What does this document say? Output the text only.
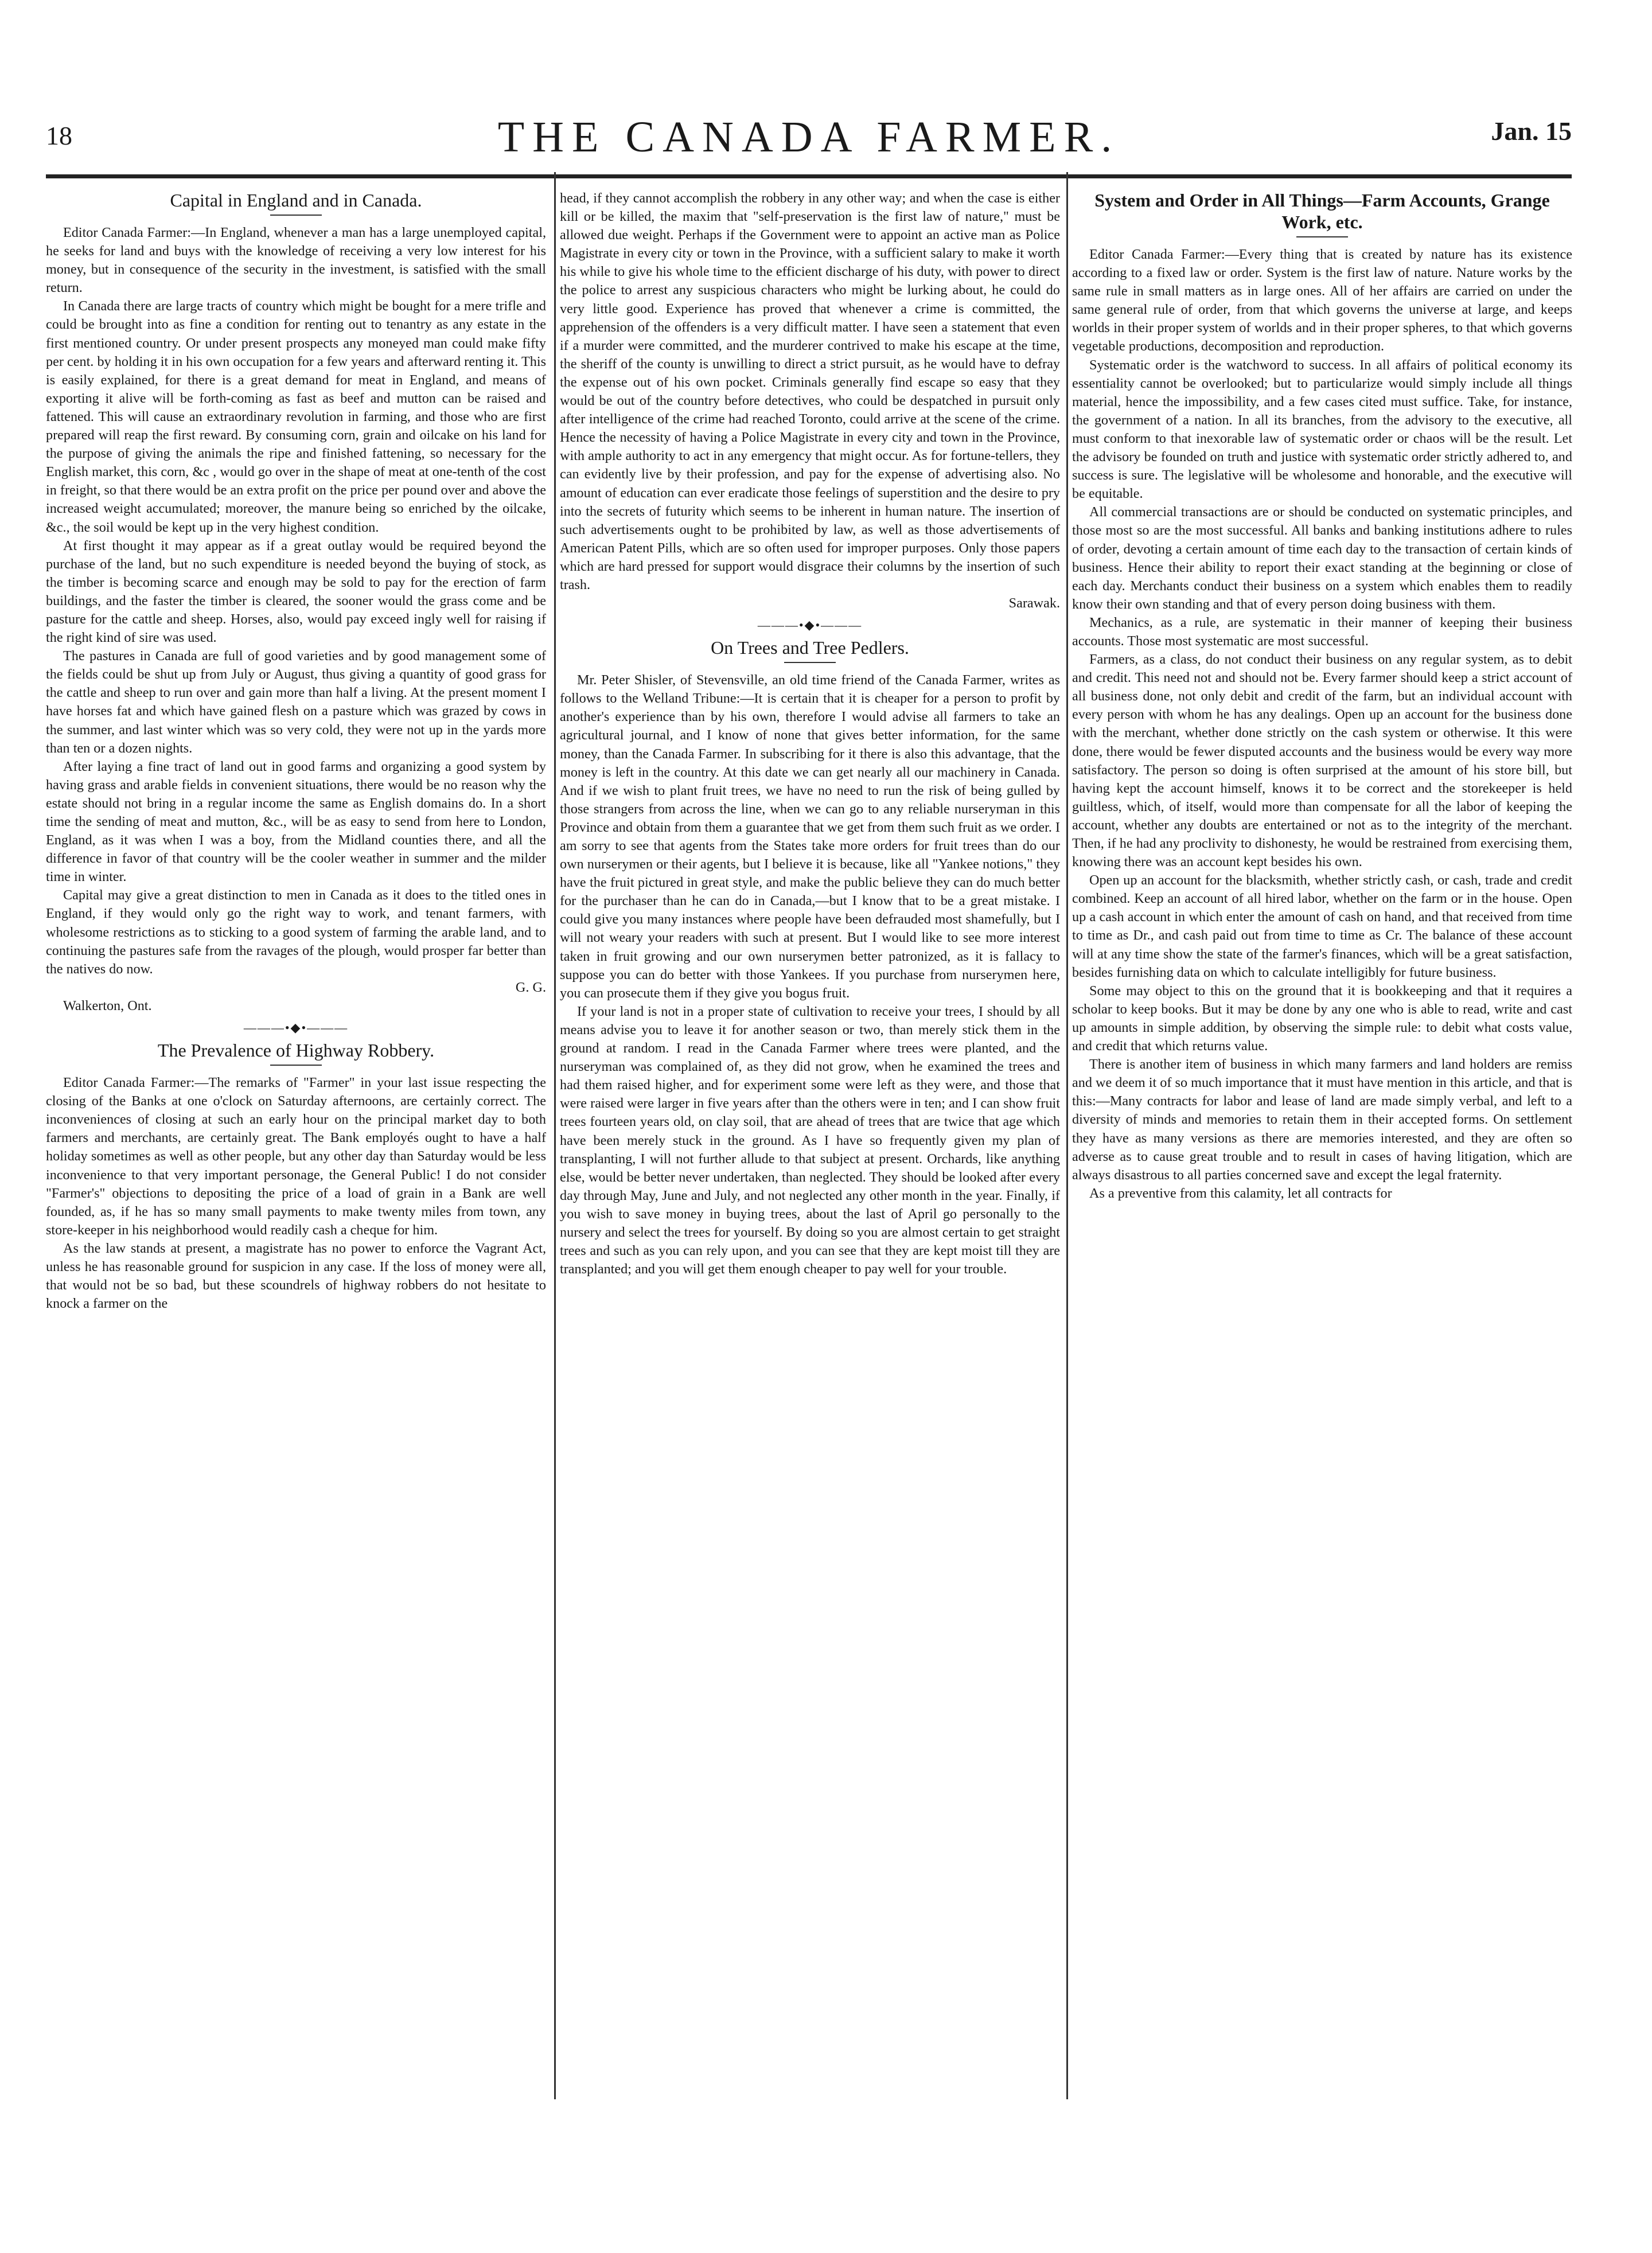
18	THE CANADA FARMER.	Jan. 15
Capital in England and in Canada.

Editor Canada Farmer:—In England, whenever a man has a large unemployed capital, he seeks for land and buys with the knowledge of receiving a very low interest for his money, but in consequence of the security in the investment, is satisfied with the small return.

In Canada there are large tracts of country which might be bought for a mere trifle and could be brought into as fine a condition for renting out to tenantry as any estate in the first mentioned country. Or under present prospects any moneyed man could make fifty per cent. by holding it in his own occupation for a few years and afterward renting it. This is easily explained, for there is a great demand for meat in England, and means of exporting it alive will be forth-coming as fast as beef and mutton can be raised and fattened. This will cause an extraordinary revolution in farming, and those who are first prepared will reap the first reward. By consuming corn, grain and oilcake on his land for the purpose of giving the animals the ripe and finished fattening, so necessary for the English market, this corn, &c , would go over in the shape of meat at one-tenth of the cost in freight, so that there would be an extra profit on the price per pound over and above the increased weight accumulated; moreover, the manure being so enriched by the oilcake, &c., the soil would be kept up in the very highest condition.

At first thought it may appear as if a great outlay would be required beyond the purchase of the land, but no such expenditure is needed beyond the buying of stock, as the timber is becoming scarce and enough may be sold to pay for the erection of farm buildings, and the faster the timber is cleared, the sooner would the grass come and be pasture for the cattle and sheep. Horses, also, would pay exceed ingly well for raising if the right kind of sire was used.

The pastures in Canada are full of good varieties and by good management some of the fields could be shut up from July or August, thus giving a quantity of good grass for the cattle and sheep to run over and gain more than half a living. At the present moment I have horses fat and which have gained flesh on a pasture which was grazed by cows in the summer, and last winter which was so very cold, they were not up in the yards more than ten or a dozen nights.

After laying a fine tract of land out in good farms and organizing a good system by having grass and arable fields in convenient situations, there would be no reason why the estate should not bring in a regular income the same as English domains do. In a short time the sending of meat and mutton, &c., will be as easy to send from here to London, England, as it was when I was a boy, from the Midland counties there, and all the difference in favor of that country will be the cooler weather in summer and the milder time in winter.

Capital may give a great distinction to men in Canada as it does to the titled ones in England, if they would only go the right way to work, and tenant farmers, with wholesome restrictions as to sticking to a good system of farming the arable land, and to continuing the pastures safe from the ravages of the plough, would prosper far better than the natives do now.

G. G.

Walkerton, Ont.

———•◆•———
The Prevalence of Highway Robbery.

Editor Canada Farmer:—The remarks of "Farmer" in your last issue respecting the closing of the Banks at one o'clock on Saturday afternoons, are certainly correct. The inconveniences of closing at such an early hour on the principal market day to both farmers and merchants, are certainly great. The Bank employés ought to have a half holiday sometimes as well as other people, but any other day than Saturday would be less inconvenience to that very important personage, the General Public! I do not consider "Farmer's" objections to depositing the price of a load of grain in a Bank are well founded, as, if he has so many small payments to make twenty miles from town, any store-keeper in his neighborhood would readily cash a cheque for him.

As the law stands at present, a magistrate has no power to enforce the Vagrant Act, unless he has reasonable ground for suspicion in any case. If the loss of money were all, that would not be so bad, but these scoundrels of highway robbers do not hesitate to knock a farmer on the

head, if they cannot accomplish the robbery in any other way; and when the case is either kill or be killed, the maxim that "self-preservation is the first law of nature," must be allowed due weight. Perhaps if the Government were to appoint an active man as Police Magistrate in every city or town in the Province, with a sufficient salary to make it worth his while to give his whole time to the efficient discharge of his duty, with power to direct the police to arrest any suspicious characters who might be lurking about, he could do very little good. Experience has proved that whenever a crime is committed, the apprehension of the offenders is a very difficult matter. I have seen a statement that even if a murder were committed, and the murderer contrived to make his escape at the time, the sheriff of the county is unwilling to direct a strict pursuit, as he would have to defray the expense out of his own pocket. Criminals generally find escape so easy that they would be out of the country before detectives, who could be despatched in pursuit only after intelligence of the crime had reached Toronto, could arrive at the scene of the crime. Hence the necessity of having a Police Magistrate in every city and town in the Province, with ample authority to act in any emergency that might occur. As for fortune-tellers, they can evidently live by their profession, and pay for the expense of advertising also. No amount of education can ever eradicate those feelings of superstition and the desire to pry into the secrets of futurity which seems to be inherent in human nature. The insertion of such advertisements ought to be prohibited by law, as well as those advertisements of American Patent Pills, which are so often used for improper purposes. Only those papers which are hard pressed for support would disgrace their columns by the insertion of such trash.

Sarawak.

———•◆•———
On Trees and Tree Pedlers.

Mr. Peter Shisler, of Stevensville, an old time friend of the Canada Farmer, writes as follows to the Welland Tribune:—It is certain that it is cheaper for a person to profit by another's experience than by his own, therefore I would advise all farmers to take an agricultural journal, and I know of none that gives better information, for the same money, than the Canada Farmer. In subscribing for it there is also this advantage, that the money is left in the country. At this date we can get nearly all our machinery in Canada. And if we wish to plant fruit trees, we have no need to run the risk of being gulled by those strangers from across the line, when we can go to any reliable nurseryman in this Province and obtain from them a guarantee that we get from them such fruit as we order. I am sorry to see that agents from the States take more orders for fruit trees than do our own nurserymen or their agents, but I believe it is because, like all "Yankee notions," they have the fruit pictured in great style, and make the public believe they can do much better for the purchaser than he can do in Canada,—but I know that to be a great mistake. I could give you many instances where people have been defrauded most shamefully, but I will not weary your readers with such at present. But I would like to see more interest taken in fruit growing and our own nurserymen better patronized, as it is fallacy to suppose you can do better with those Yankees. If you purchase from nurserymen here, you can prosecute them if they give you bogus fruit.

If your land is not in a proper state of cultivation to receive your trees, I should by all means advise you to leave it for another season or two, than merely stick them in the ground at random. I read in the Canada Farmer where trees were planted, and the nurseryman was complained of, as they did not grow, when he examined the trees and had them raised higher, and for experiment some were left as they were, and those that were raised were larger in five years after than the others were in ten; and I can show fruit trees fourteen years old, on clay soil, that are ahead of trees that are twice that age which have been merely stuck in the ground. As I have so frequently given my plan of transplanting, I will not further allude to that subject at present. Orchards, like anything else, would be better never undertaken, than neglected. They should be looked after every day through May, June and July, and not neglected any other month in the year. Finally, if you wish to save money in buying trees, about the last of April go personally to the nursery and select the trees for yourself. By doing so you are almost certain to get straight trees and such as you can rely upon, and you can see that they are kept moist till they are transplanted; and you will get them enough cheaper to pay well for your trouble.

System and Order in All Things—Farm Accounts, Grange Work, etc.

Editor Canada Farmer:—Every thing that is created by nature has its existence according to a fixed law or order. System is the first law of nature. Nature works by the same rule in small matters as in large ones. All of her affairs are carried on under the same general rule of order, from that which governs the universe at large, and keeps worlds in their proper system of worlds and in their proper spheres, to that which governs vegetable productions, decomposition and reproduction.

Systematic order is the watchword to success. In all affairs of political economy its essentiality cannot be overlooked; but to particularize would simply include all things material, hence the impossibility, and a few cases cited must suffice. Take, for instance, the government of a nation. In all its branches, from the advisory to the executive, all must conform to that inexorable law of systematic order or chaos will be the result. Let the advisory be founded on truth and justice with systematic order strictly adhered to, and success is sure. The legislative will be wholesome and honorable, and the executive will be equitable.

All commercial transactions are or should be conducted on systematic principles, and those most so are the most successful. All banks and banking institutions adhere to rules of order, devoting a certain amount of time each day to the transaction of certain kinds of business. Hence their ability to report their exact standing at the beginning or close of each day. Merchants conduct their business on a system which enables them to readily know their own standing and that of every person doing business with them.

Mechanics, as a rule, are systematic in their manner of keeping their business accounts. Those most systematic are most successful.

Farmers, as a class, do not conduct their business on any regular system, as to debit and credit. This need not and should not be. Every farmer should keep a strict account of all business done, not only debit and credit of the farm, but an individual account with every person with whom he has any dealings. Open up an account for the business done with the merchant, whether done strictly on the cash system or otherwise. It this were done, there would be fewer disputed accounts and the business would be every way more satisfactory. The person so doing is often surprised at the amount of his store bill, but having kept the account himself, knows it to be correct and the storekeeper is held guiltless, which, of itself, would more than compensate for all the labor of keeping the account, whether any doubts are entertained or not as to the integrity of the merchant. Then, if he had any proclivity to dishonesty, he would be restrained from exercising them, knowing there was an account kept besides his own.

Open up an account for the blacksmith, whether strictly cash, or cash, trade and credit combined. Keep an account of all hired labor, whether on the farm or in the house. Open up a cash account in which enter the amount of cash on hand, and that received from time to time as Dr., and cash paid out from time to time as Cr. The balance of these account will at any time show the state of the farmer's finances, which will be a great satisfaction, besides furnishing data on which to calculate intelligibly for future business.

Some may object to this on the ground that it is bookkeeping and that it requires a scholar to keep books. But it may be done by any one who is able to read, write and cast up amounts in simple addition, by observing the simple rule: to debit what costs value, and credit that which returns value.

There is another item of business in which many farmers and land holders are remiss and we deem it of so much importance that it must have mention in this article, and that is this:—Many contracts for labor and lease of land are made simply verbal, and left to a diversity of minds and memories to retain them in their accepted forms. On settlement they have as many versions as there are memories interested, and they are often so adverse as to cause great trouble and to result in cases of having litigation, which are always disastrous to all parties concerned save and except the legal fraternity.

As a preventive from this calamity, let all contracts for
